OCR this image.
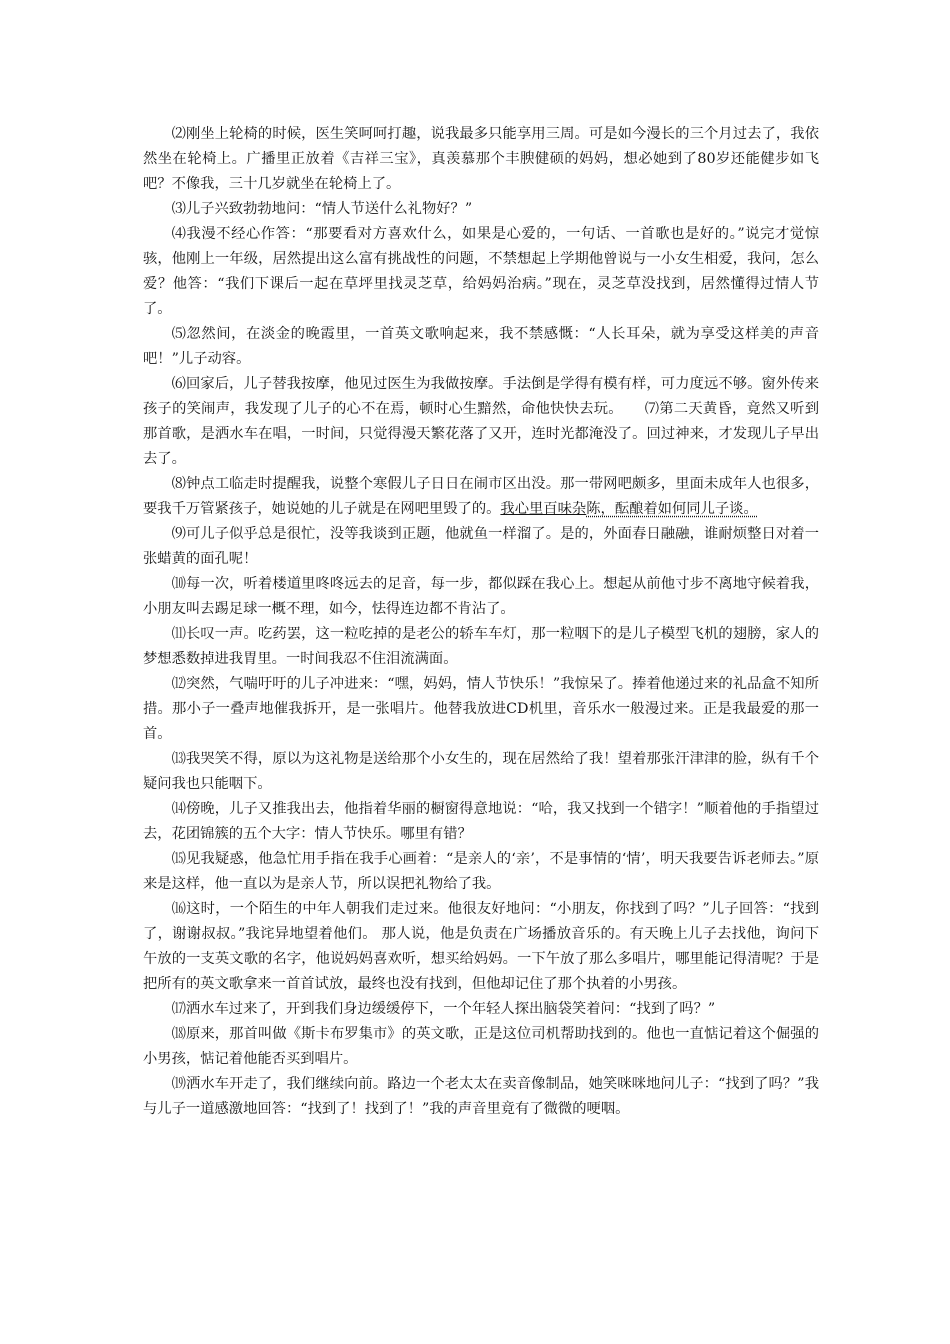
⑵刚坐上轮椅的时候，医生笑呵呵打趣，说我最多只能享用三周。可是如今漫长的三个月过去了，我依然坐在轮椅上。广播里正放着《吉祥三宝》，真羡慕那个丰腴健硕的妈妈，想必她到了80岁还能健步如飞吧？不像我，三十几岁就坐在轮椅上了。

⑶儿子兴致勃勃地问：“情人节送什么礼物好？”

⑷我漫不经心作答：“那要看对方喜欢什么，如果是心爱的，一句话、一首歌也是好的。”说完才觉惊骇，他刚上一年级，居然提出这么富有挑战性的问题，不禁想起上学期他曾说与一小女生相爱，我问，怎么爱？他答：“我们下课后一起在草坪里找灵芝草，给妈妈治病。”现在，灵芝草没找到，居然懂得过情人节了。

⑸忽然间，在淡金的晚霞里，一首英文歌响起来，我不禁感慨：“人长耳朵，就为享受这样美的声音吧！”儿子动容。

⑹回家后，儿子替我按摩，他见过医生为我做按摩。手法倒是学得有模有样，可力度远不够。窗外传来孩子的笑闹声，我发现了儿子的心不在焉，顿时心生黯然，命他快快去玩。　　⑺第二天黄昏，竟然又听到那首歌，是洒水车在唱，一时间，只觉得漫天繁花落了又开，连时光都淹没了。回过神来，才发现儿子早出去了。

⑻钟点工临走时提醒我，说整个寒假儿子日日在闹市区出没。那一带网吧颇多，里面未成年人也很多，要我千万管紧孩子，她说她的儿子就是在网吧里毁了的。我心里百味杂陈，酝酿着如何同儿子谈。

⑼可儿子似乎总是很忙，没等我谈到正题，他就鱼一样溜了。是的，外面春日融融，谁耐烦整日对着一张蜡黄的面孔呢！

⑽每一次，听着楼道里咚咚远去的足音，每一步，都似踩在我心上。想起从前他寸步不离地守候着我，小朋友叫去踢足球一概不理，如今，怯得连边都不肯沾了。

⑾长叹一声。吃药罢，这一粒吃掉的是老公的轿车车灯，那一粒咽下的是儿子模型飞机的翅膀，家人的梦想悉数掉进我胃里。一时间我忍不住泪流满面。

⑿突然，气喘吁吁的儿子冲进来：“嘿，妈妈，情人节快乐！”我惊呆了。捧着他递过来的礼品盒不知所措。那小子一叠声地催我拆开，是一张唱片。他替我放进CD机里，音乐水一般漫过来。正是我最爱的那一首。

⒀我哭笑不得，原以为这礼物是送给那个小女生的，现在居然给了我！望着那张汗津津的脸，纵有千个疑问我也只能咽下。

⒁傍晚，儿子又推我出去，他指着华丽的橱窗得意地说：“哈，我又找到一个错字！”顺着他的手指望过去，花团锦簇的五个大字：情人节快乐。哪里有错？

⒂见我疑惑，他急忙用手指在我手心画着：“是亲人的‘亲’，不是事情的‘情’，明天我要告诉老师去。”原来是这样，他一直以为是亲人节，所以误把礼物给了我。

⒃这时，一个陌生的中年人朝我们走过来。他很友好地问：“小朋友，你找到了吗？”儿子回答：“找到了，谢谢叔叔。”我诧异地望着他们。 那人说，他是负责在广场播放音乐的。有天晚上儿子去找他，询问下午放的一支英文歌的名字，他说妈妈喜欢听，想买给妈妈。一下午放了那么多唱片，哪里能记得清呢？于是把所有的英文歌拿来一首首试放，最终也没有找到，但他却记住了那个执着的小男孩。

⒄洒水车过来了，开到我们身边缓缓停下，一个年轻人探出脑袋笑着问：“找到了吗？”

⒅原来，那首叫做《斯卡布罗集市》的英文歌，正是这位司机帮助找到的。他也一直惦记着这个倔强的小男孩，惦记着他能否买到唱片。

⒆洒水车开走了，我们继续向前。路边一个老太太在卖音像制品，她笑咪咪地问儿子：“找到了吗？”我与儿子一道感激地回答：“找到了！找到了！”我的声音里竟有了微微的哽咽。
